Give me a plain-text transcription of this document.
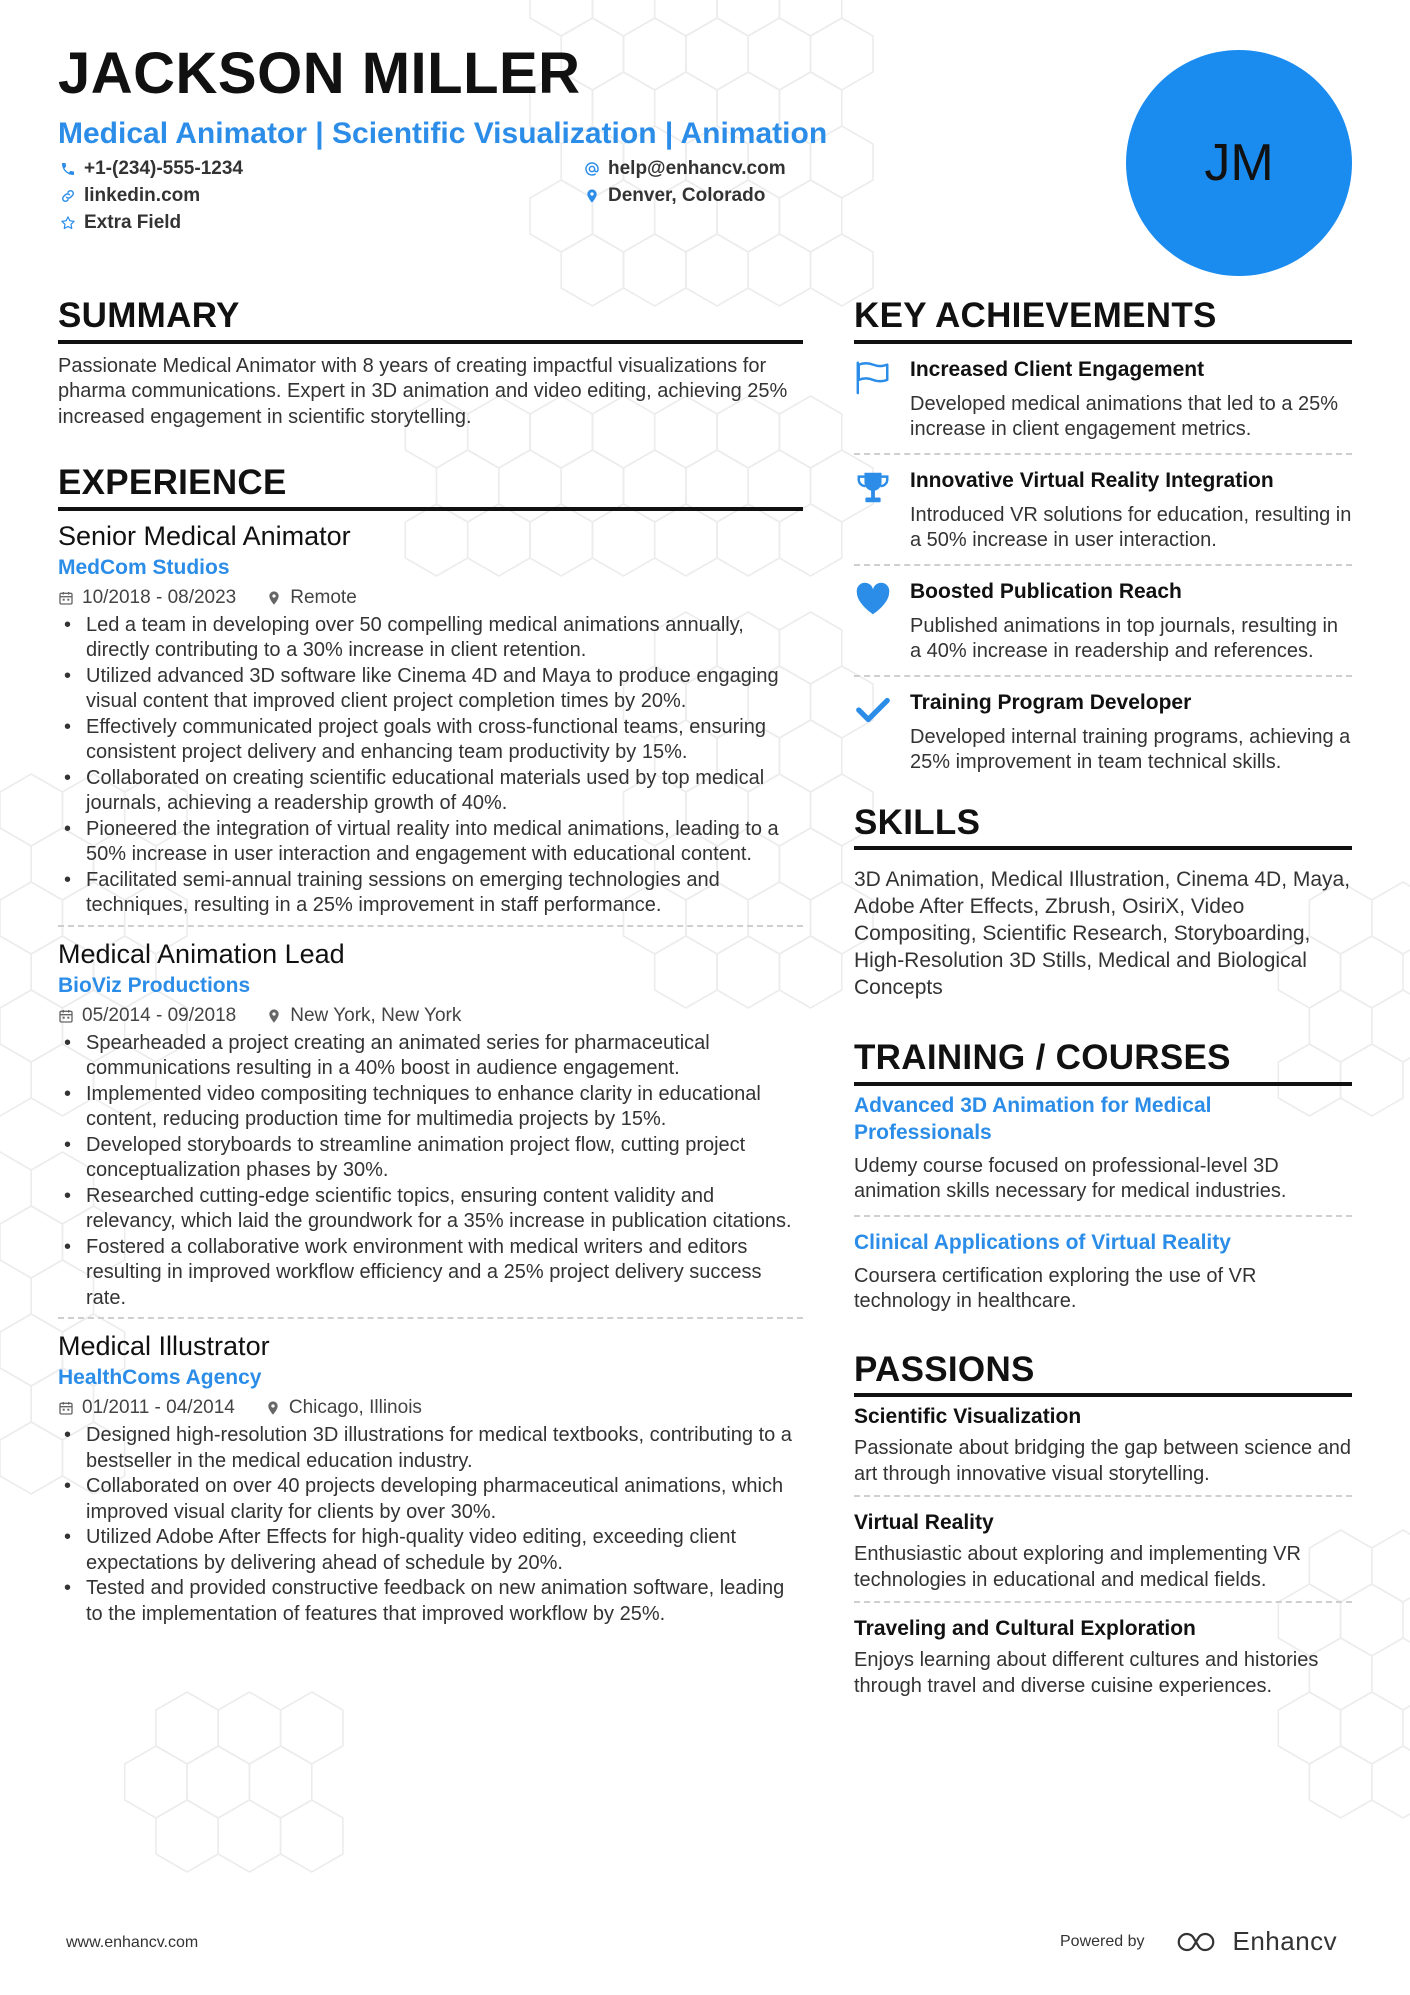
JACKSON MILLER
Medical Animator | Scientific Visualization | Animation
+1-(234)-555-1234	help@enhancv.com
linkedin.com	Denver, Colorado
Extra Field
JM
SUMMARY

Passionate Medical Animator with 8 years of creating impactful visualizations for pharma communications. Expert in 3D animation and video editing, achieving 25% increased engagement in scientific storytelling.

EXPERIENCE
Senior Medical Animator
MedCom Studios
10/2018 - 08/2023	Remote
• Led a team in developing over 50 compelling medical animations annually, directly contributing to a 30% increase in client retention.
• Utilized advanced 3D software like Cinema 4D and Maya to produce engaging visual content that improved client project completion times by 20%.
• Effectively communicated project goals with cross-functional teams, ensuring consistent project delivery and enhancing team productivity by 15%.
• Collaborated on creating scientific educational materials used by top medical journals, achieving a readership growth of 40%.
• Pioneered the integration of virtual reality into medical animations, leading to a 50% increase in user interaction and engagement with educational content.
• Facilitated semi-annual training sessions on emerging technologies and techniques, resulting in a 25% improvement in staff performance.
Medical Animation Lead
BioViz Productions
05/2014 - 09/2018	New York, New York
• Spearheaded a project creating an animated series for pharmaceutical communications resulting in a 40% boost in audience engagement.
• Implemented video compositing techniques to enhance clarity in educational content, reducing production time for multimedia projects by 15%.
• Developed storyboards to streamline animation project flow, cutting project conceptualization phases by 30%.
• Researched cutting-edge scientific topics, ensuring content validity and relevancy, which laid the groundwork for a 35% increase in publication citations.
• Fostered a collaborative work environment with medical writers and editors resulting in improved workflow efficiency and a 25% project delivery success rate.
Medical Illustrator
HealthComs Agency
01/2011 - 04/2014	Chicago, Illinois
• Designed high-resolution 3D illustrations for medical textbooks, contributing to a bestseller in the medical education industry.
• Collaborated on over 40 projects developing pharmaceutical animations, which improved visual clarity for clients by over 30%.
• Utilized Adobe After Effects for high-quality video editing, exceeding client expectations by delivering ahead of schedule by 20%.
• Tested and provided constructive feedback on new animation software, leading to the implementation of features that improved workflow by 25%.
KEY ACHIEVEMENTS
Increased Client Engagement
Developed medical animations that led to a 25% increase in client engagement metrics.
Innovative Virtual Reality Integration
Introduced VR solutions for education, resulting in a 50% increase in user interaction.
Boosted Publication Reach
Published animations in top journals, resulting in a 40% increase in readership and references.
Training Program Developer
Developed internal training programs, achieving a 25% improvement in team technical skills.
SKILLS

3D Animation, Medical Illustration, Cinema 4D, Maya, Adobe After Effects, Zbrush, OsiriX, Video Compositing, Scientific Research, Storyboarding, High-Resolution 3D Stills, Medical and Biological Concepts

TRAINING / COURSES
Advanced 3D Animation for Medical Professionals
Udemy course focused on professional-level 3D animation skills necessary for medical industries.
Clinical Applications of Virtual Reality
Coursera certification exploring the use of VR technology in healthcare.
PASSIONS
Scientific Visualization
Passionate about bridging the gap between science and art through innovative visual storytelling.
Virtual Reality
Enthusiastic about exploring and implementing VR technologies in educational and medical fields.
Traveling and Cultural Exploration
Enjoys learning about different cultures and histories through travel and diverse cuisine experiences.
www.enhancv.com	Powered by	Enhancv
